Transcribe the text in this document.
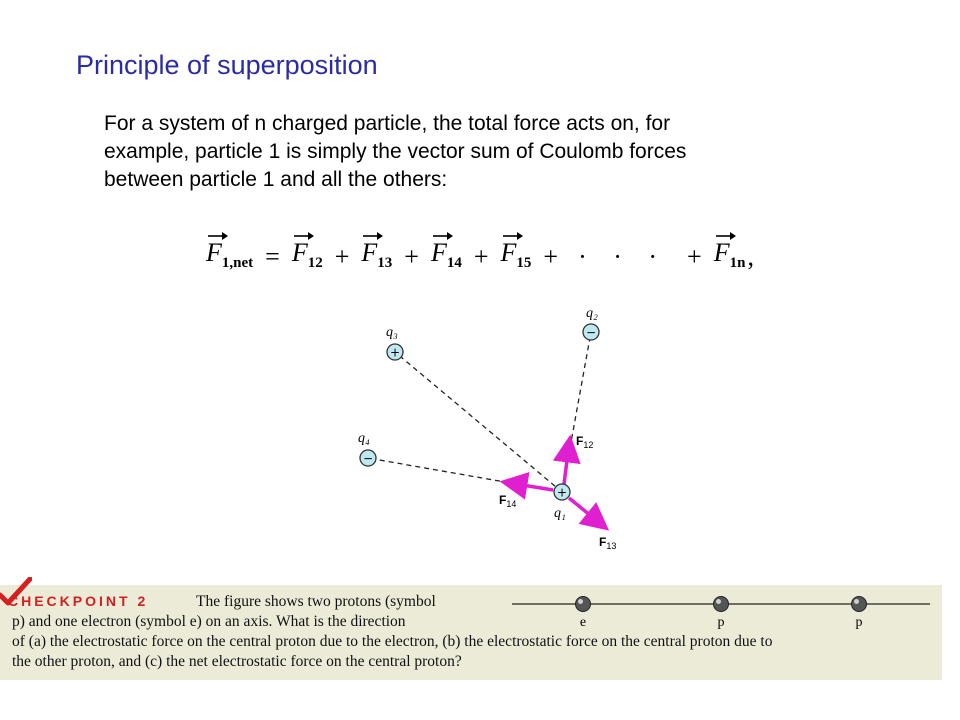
Principle of superposition
For a system of n charged particle, the total force acts on, for
example, particle 1 is simply the vector sum of Coulomb forces
between particle 1 and all the others:
$F_{1,net} = F_{12} + F_{13} + F_{14} + F_{15}$ + · · · + $F_{1n}$ ,
−
q₂
+
q₃
−
q₄
+
q₁
$F_{12}$
$F_{13}$
$F_{14}$
CHECKPOINT 2	The figure shows two protons (symbol
p) and one electron (symbol e) on an axis. What is the direction
of (a) the electrostatic force on the central proton due to the electron, (b) the electrostatic force on the central proton due to
the other proton, and (c) the net electrostatic force on the central proton?
e	p	p
